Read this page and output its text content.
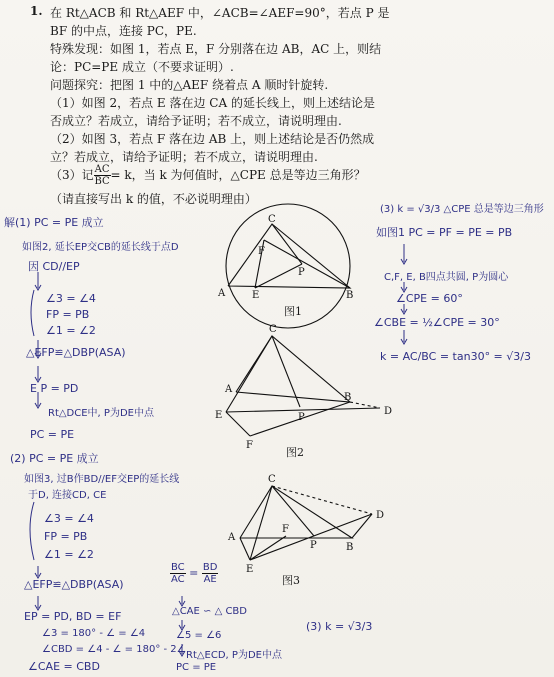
1. 在 Rt△ACB 和 Rt△AEF 中，∠ACB=∠AEF=90°，若点 P 是
BF 的中点，连接 PC，PE.
特殊发现：如图 1，若点 E，F 分别落在边 AB，AC 上，则结
论：PC=PE 成立（不要求证明）.
问题探究：把图 1 中的△AEF 绕着点 A 顺时针旋转.
（1）如图 2，若点 E 落在边 CA 的延长线上，则上述结论是
否成立？若成立，请给予证明；若不成立，请说明理由.
（2）如图 3，若点 F 落在边 AB 上，则上述结论是否仍然成
立？若成立，请给予证明；若不成立，请说明理由.
（3）记 $\frac{AC}{BC} = k$，当 k 为何值时，△CPE 总是等边三角形？
（请直接写出 k 的值，不必说明理由）
C
A	E
F
P
B
C
A
E
F
P
B
D
C
A
E
F
P	B
D
图1
图2
图3
解(1) PC = PE 成立
如图2, 延长EP交CB的延长线于点D
因 CD//EP
∠3 = ∠4
FP = PB
∠1 = ∠2
△EFP≌△DBP(ASA)
E P = PD
Rt△DCE中, P为DE中点
PC = PE
(2) PC = PE 成立
如图3, 过B作BD//EF交EP的延长线
于D, 连接CD, CE
∠3 = ∠4
FP = PB
∠1 = ∠2
△EFP≌△DBP(ASA)
EP = PD, BD = EF
∠3 = 180° - ∠ = ∠4
∠CBD = ∠4 - ∠ = 180° - 2∠
∠CAE = CBD
$\frac{BC}{AC} = \frac{BD}{AE}$
△CAE ∽ △ CBD
∠5 = ∠6
Rt△ECD, P为DE中点
PC = PE
(3) k = √3/3
(3) k = √3/3 △CPE 总是等边三角形
如图1 PC = PF = PE = PB
C,F, E, B四点共圆, P为圆心
∠CPE = 60°
∠CBE = ½∠CPE = 30°
k = AC/BC = tan30° = √3/3
